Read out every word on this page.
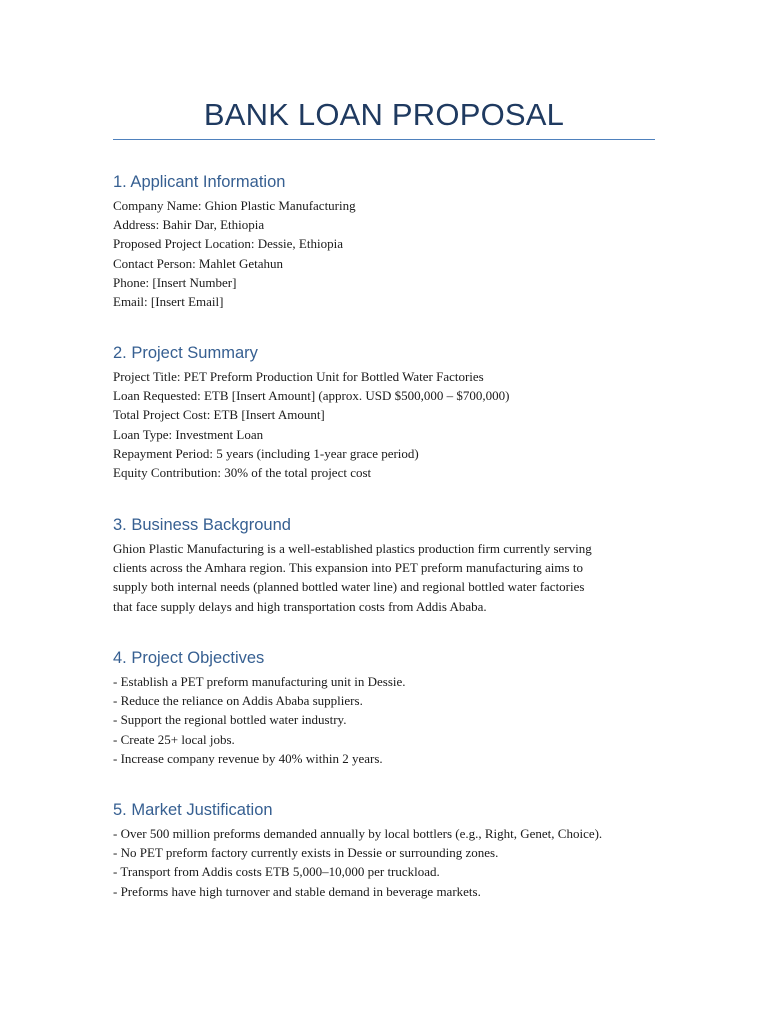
BANK LOAN PROPOSAL
1. Applicant Information
Company Name: Ghion Plastic Manufacturing
Address: Bahir Dar, Ethiopia
Proposed Project Location: Dessie, Ethiopia
Contact Person: Mahlet Getahun
Phone: [Insert Number]
Email: [Insert Email]
2. Project Summary
Project Title: PET Preform Production Unit for Bottled Water Factories
Loan Requested: ETB [Insert Amount] (approx. USD $500,000 – $700,000)
Total Project Cost: ETB [Insert Amount]
Loan Type: Investment Loan
Repayment Period: 5 years (including 1-year grace period)
Equity Contribution: 30% of the total project cost
3. Business Background
Ghion Plastic Manufacturing is a well-established plastics production firm currently serving
clients across the Amhara region. This expansion into PET preform manufacturing aims to
supply both internal needs (planned bottled water line) and regional bottled water factories
that face supply delays and high transportation costs from Addis Ababa.
4. Project Objectives
- Establish a PET preform manufacturing unit in Dessie.
- Reduce the reliance on Addis Ababa suppliers.
- Support the regional bottled water industry.
- Create 25+ local jobs.
- Increase company revenue by 40% within 2 years.
5. Market Justification
- Over 500 million preforms demanded annually by local bottlers (e.g., Right, Genet, Choice).
- No PET preform factory currently exists in Dessie or surrounding zones.
- Transport from Addis costs ETB 5,000–10,000 per truckload.
- Preforms have high turnover and stable demand in beverage markets.
